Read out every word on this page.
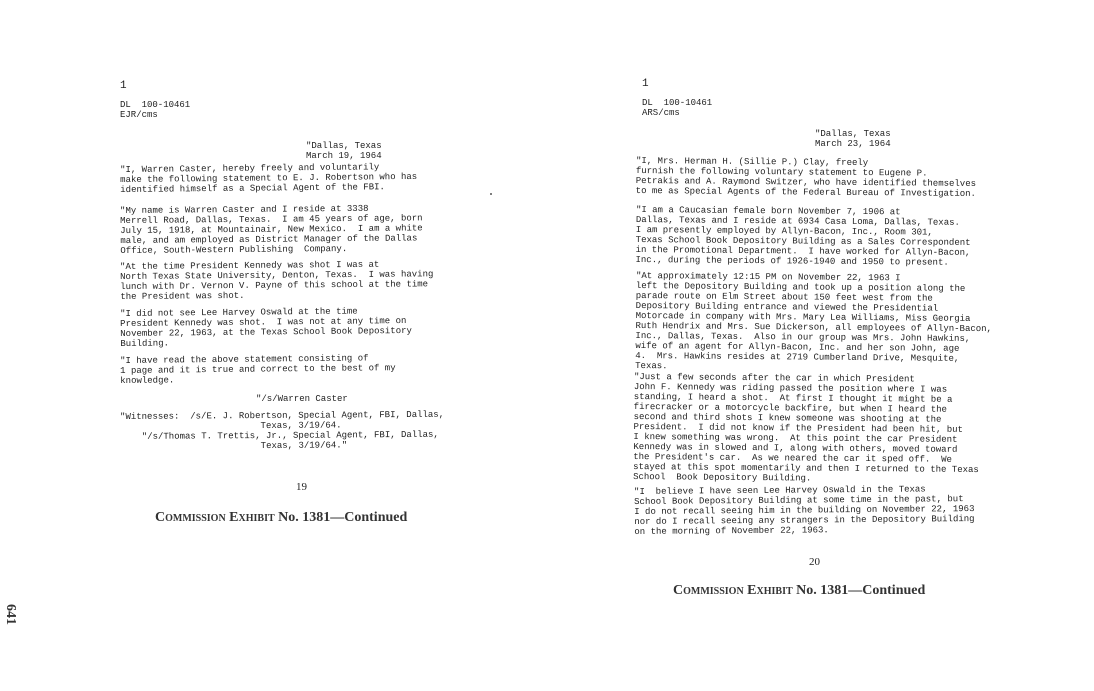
1
DL  100-10461
EJR/cms
"Dallas, Texas
March 19, 1964
"I, Warren Caster, hereby freely and voluntarily
make the following statement to E. J. Robertson who has
identified himself as a Special Agent of the FBI.
"My name is Warren Caster and I reside at 3338
Merrell Road, Dallas, Texas.  I am 45 years of age, born
July 15, 1918, at Mountainair, New Mexico.  I am a white
male, and am employed as District Manager of the Dallas
Office, South-Western Publishing  Company.
"At the time President Kennedy was shot I was at
North Texas State University, Denton, Texas.  I was having
lunch with Dr. Vernon V. Payne of this school at the time
the President was shot.
"I did not see Lee Harvey Oswald at the time
President Kennedy was shot.  I was not at any time on
November 22, 1963, at the Texas School Book Depository
Building.
"I have read the above statement consisting of
1 page and it is true and correct to the best of my
knowledge.
"/s/Warren Caster
"Witnesses:  /s/E. J. Robertson, Special Agent, FBI, Dallas,
Texas, 3/19/64.
"/s/Thomas T. Trettis, Jr., Special Agent, FBI, Dallas,
Texas, 3/19/64."
19
Commission Exhibit No. 1381—Continued
1
DL  100-10461
ARS/cms
"Dallas, Texas
March 23, 1964
"I, Mrs. Herman H. (Sillie P.) Clay, freely
furnish the following voluntary statement to Eugene P.
Petrakis and A. Raymond Switzer, who have identified themselves
to me as Special Agents of the Federal Bureau of Investigation.
"I am a Caucasian female born November 7, 1906 at
Dallas, Texas and I reside at 6934 Casa Loma, Dallas, Texas.
I am presently employed by Allyn-Bacon, Inc., Room 301,
Texas School Book Depository Building as a Sales Correspondent
in the Promotional Department.  I have worked for Allyn-Bacon,
Inc., during the periods of 1926-1940 and 1950 to present.
"At approximately 12:15 PM on November 22, 1963 I
left the Depository Building and took up a position along the
parade route on Elm Street about 150 feet west from the
Depository Building entrance and viewed the Presidential
Motorcade in company with Mrs. Mary Lea Williams, Miss Georgia
Ruth Hendrix and Mrs. Sue Dickerson, all employees of Allyn-Bacon,
Inc., Dallas, Texas.  Also in our group was Mrs. John Hawkins,
wife of an agent for Allyn-Bacon, Inc. and her son John, age
4.  Mrs. Hawkins resides at 2719 Cumberland Drive, Mesquite,
Texas.
"Just a few seconds after the car in which President
John F. Kennedy was riding passed the position where I was
standing, I heard a shot.  At first I thought it might be a
firecracker or a motorcycle backfire, but when I heard the
second and third shots I knew someone was shooting at the
President.  I did not know if the President had been hit, but
I knew something was wrong.  At this point the car President
Kennedy was in slowed and I, along with others, moved toward
the President's car.  As we neared the car it sped off.  We
stayed at this spot momentarily and then I returned to the Texas
School  Book Depository Building.
"I  believe I have seen Lee Harvey Oswald in the Texas
School Book Depository Building at some time in the past, but
I do not recall seeing him in the building on November 22, 1963
nor do I recall seeing any strangers in the Depository Building
on the morning of November 22, 1963.
20
Commission Exhibit No. 1381—Continued
641
